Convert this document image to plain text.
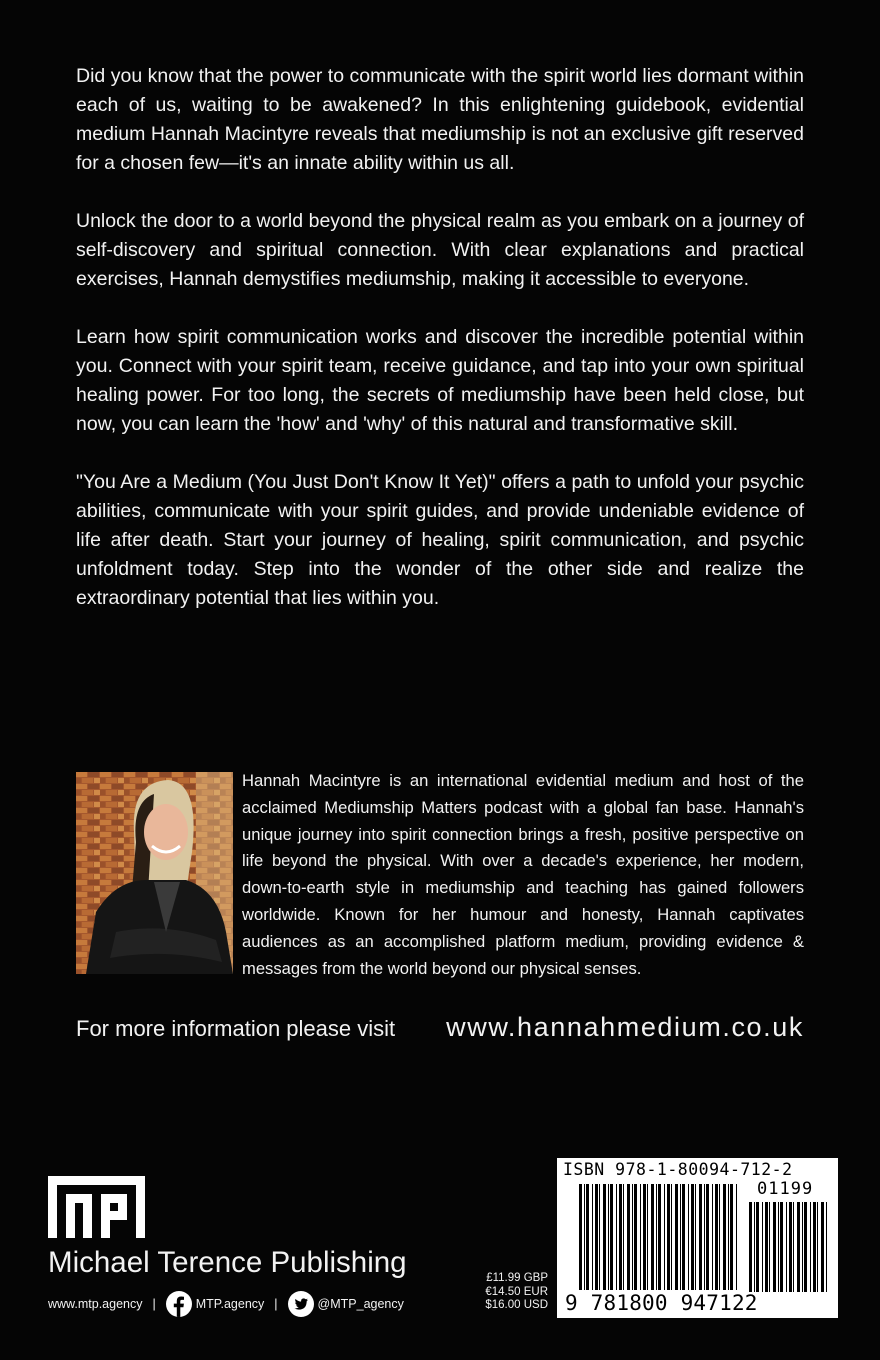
Did you know that the power to communicate with the spirit world lies dormant within each of us, waiting to be awakened? In this enlightening guidebook, evidential medium Hannah Macintyre reveals that mediumship is not an exclusive gift reserved for a chosen few—it's an innate ability within us all.

Unlock the door to a world beyond the physical realm as you embark on a journey of self-discovery and spiritual connection. With clear explanations and practical exercises, Hannah demystifies mediumship, making it accessible to everyone.

Learn how spirit communication works and discover the incredible potential within you. Connect with your spirit team, receive guidance, and tap into your own spiritual healing power. For too long, the secrets of mediumship have been held close, but now, you can learn the 'how' and 'why' of this natural and transformative skill.

"You Are a Medium (You Just Don't Know It Yet)" offers a path to unfold your psychic abilities, communicate with your spirit guides, and provide undeniable evidence of life after death. Start your journey of healing, spirit communication, and psychic unfoldment today. Step into the wonder of the other side and realize the extraordinary potential that lies within you.

Hannah Macintyre is an international evidential medium and host of the acclaimed Mediumship Matters podcast with a global fan base. Hannah's unique journey into spirit connection brings a fresh, positive perspective on life beyond the physical. With over a decade's experience, her modern, down-to-earth style in mediumship and teaching has gained followers worldwide. Known for her humour and honesty, Hannah captivates audiences as an accomplished platform medium, providing evidence & messages from the world beyond our physical senses.

For more information please visit www.hannahmedium.co.uk
Michael Terence Publishing
www.mtp.agency |	MTP.agency |	@MTP_agency
£11.99 GBP
€14.50 EUR
$16.00 USD
ISBN 978-1-80094-712-2
01199
9 781800 947122
